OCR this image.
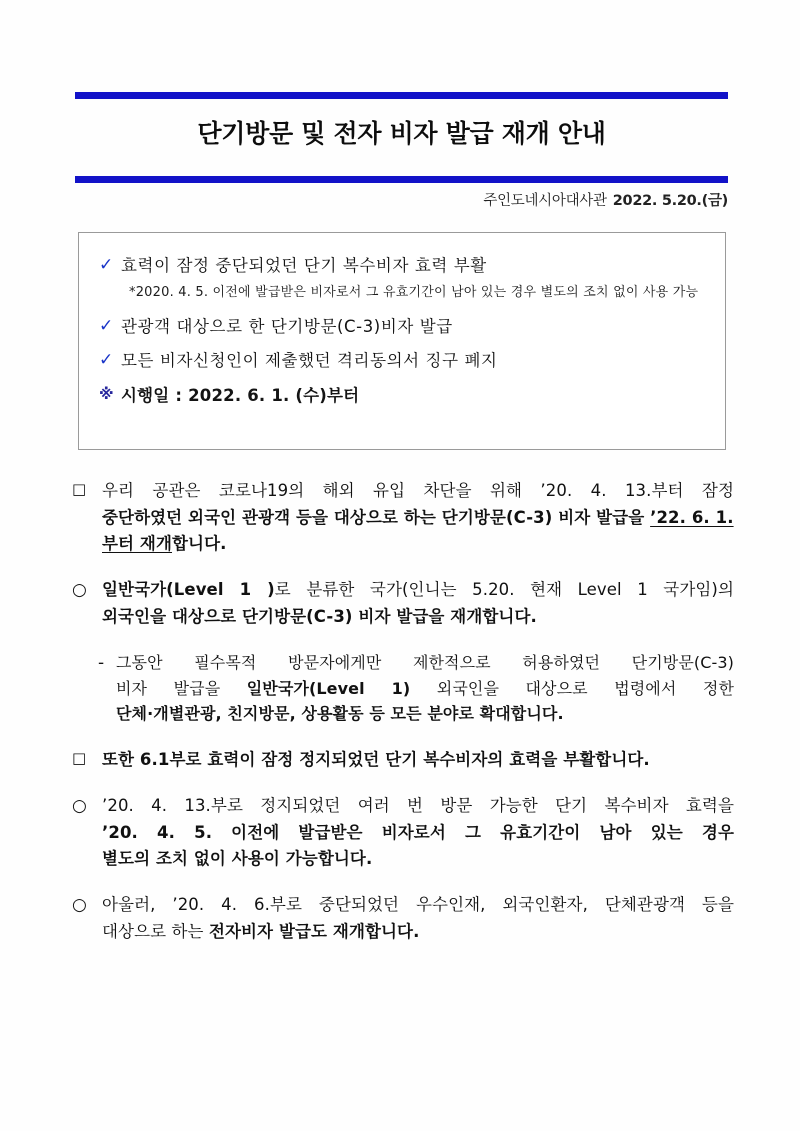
단기방문 및 전자 비자 발급 재개 안내
주인도네시아대사관 2022. 5.20.(금)
✓ 효력이 잠정 중단되었던 단기 복수비자 효력 부활
*2020. 4. 5. 이전에 발급받은 비자로서 그 유효기간이 남아 있는 경우 별도의 조치 없이 사용 가능
✓ 관광객 대상으로 한 단기방문(C-3)비자 발급
✓ 모든 비자신청인이 제출했던 격리동의서 징구 폐지
※ 시행일 : 2022. 6. 1. (수)부터
□ 우리 공관은 코로나19의 해외 유입 차단을 위해 ’20. 4. 13.부터 잠정
중단하였던 외국인 관광객 등을 대상으로 하는 단기방문(C-3) 비자 발급을 ’22. 6. 1.
부터 재개합니다.
○ 일반국가(Level 1 )로 분류한 국가(인니는 5.20. 현재 Level 1 국가임)의
외국인을 대상으로 단기방문(C-3) 비자 발급을 재개합니다.
- 그동안 필수목적 방문자에게만 제한적으로 허용하였던 단기방문(C-3)
비자 발급을 일반국가(Level 1) 외국인을 대상으로 법령에서 정한
단체·개별관광, 친지방문, 상용활동 등 모든 분야로 확대합니다.
□ 또한 6.1부로 효력이 잠정 정지되었던 단기 복수비자의 효력을 부활합니다.
○ ’20. 4. 13.부로 정지되었던 여러 번 방문 가능한 단기 복수비자 효력을
’20. 4. 5. 이전에 발급받은 비자로서 그 유효기간이 남아 있는 경우
별도의 조치 없이 사용이 가능합니다.
○ 아울러, ’20. 4. 6.부로 중단되었던 우수인재, 외국인환자, 단체관광객 등을
대상으로 하는 전자비자 발급도 재개합니다.
